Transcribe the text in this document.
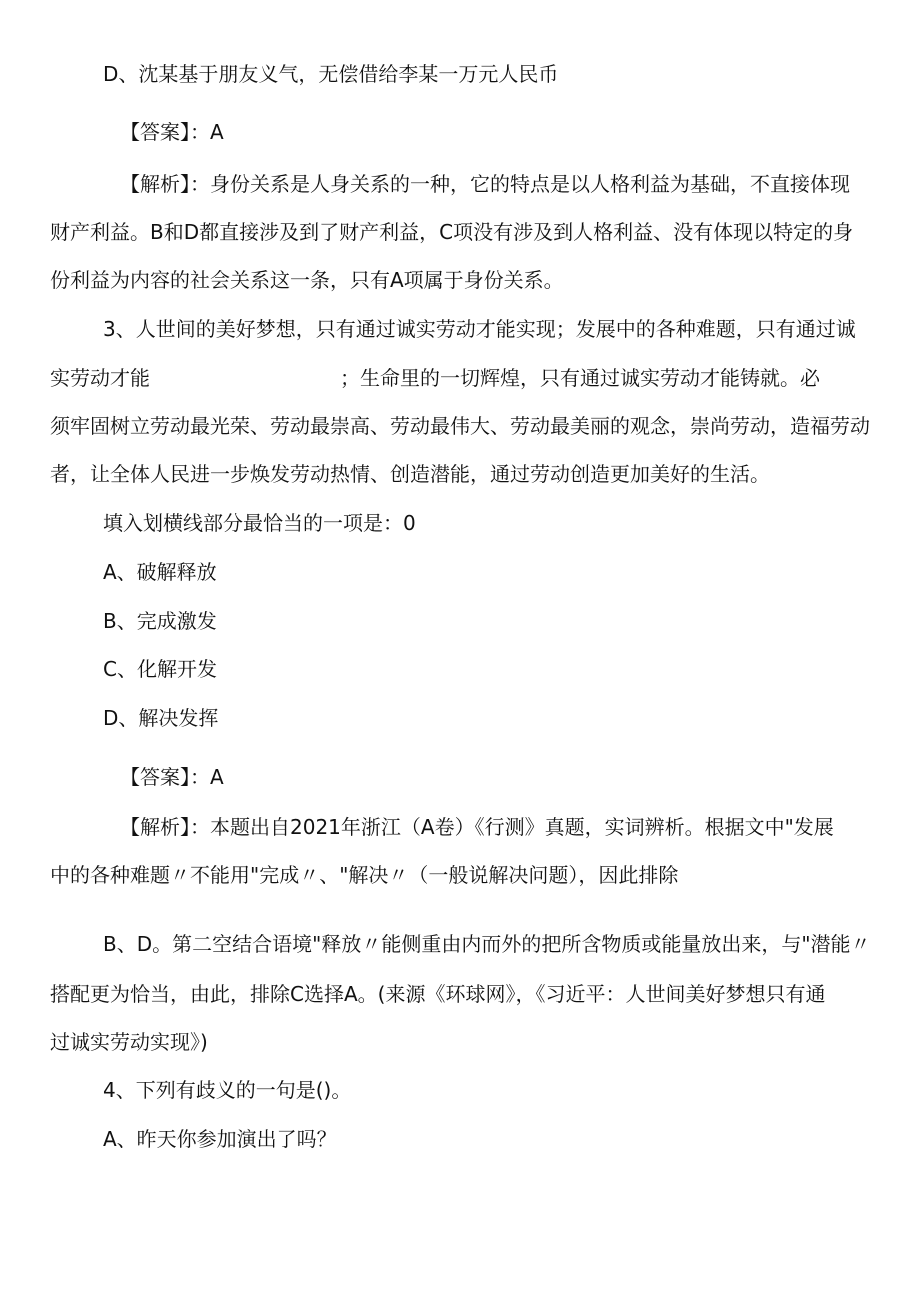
D、沈某基于朋友义气，无偿借给李某一万元人民币
【答案】：A
【解析】：身份关系是人身关系的一种，它的特点是以人格利益为基础，不直接体现
财产利益。B和D都直接涉及到了财产利益，C项没有涉及到人格利益、没有体现以特定的身
份利益为内容的社会关系这一条，只有A项属于身份关系。
3、人世间的美好梦想，只有通过诚实劳动才能实现；发展中的各种难题，只有通过诚
实劳动才能	；生命里的一切辉煌，只有通过诚实劳动才能铸就。必
须牢固树立劳动最光荣、劳动最崇高、劳动最伟大、劳动最美丽的观念，崇尚劳动，造福劳动
者，让全体人民进一步焕发劳动热情、创造潜能，通过劳动创造更加美好的生活。
填入划横线部分最恰当的一项是：0
A、破解释放
B、完成激发
C、化解开发
D、解决发挥
【答案】：A
【解析】：本题出自2021年浙江（A卷）《行测》真题，实词辨析。根据文中"发展
中的各种难题〃不能用"完成〃、"解决〃（一般说解决问题），因此排除
B、D。第二空结合语境"释放〃能侧重由内而外的把所含物质或能量放出来，与"潜能〃
搭配更为恰当，由此，排除C选择A。(来源《环球网》，《习近平：人世间美好梦想只有通
过诚实劳动实现》)
4、下列有歧义的一句是()。
A、昨天你参加演出了吗？
